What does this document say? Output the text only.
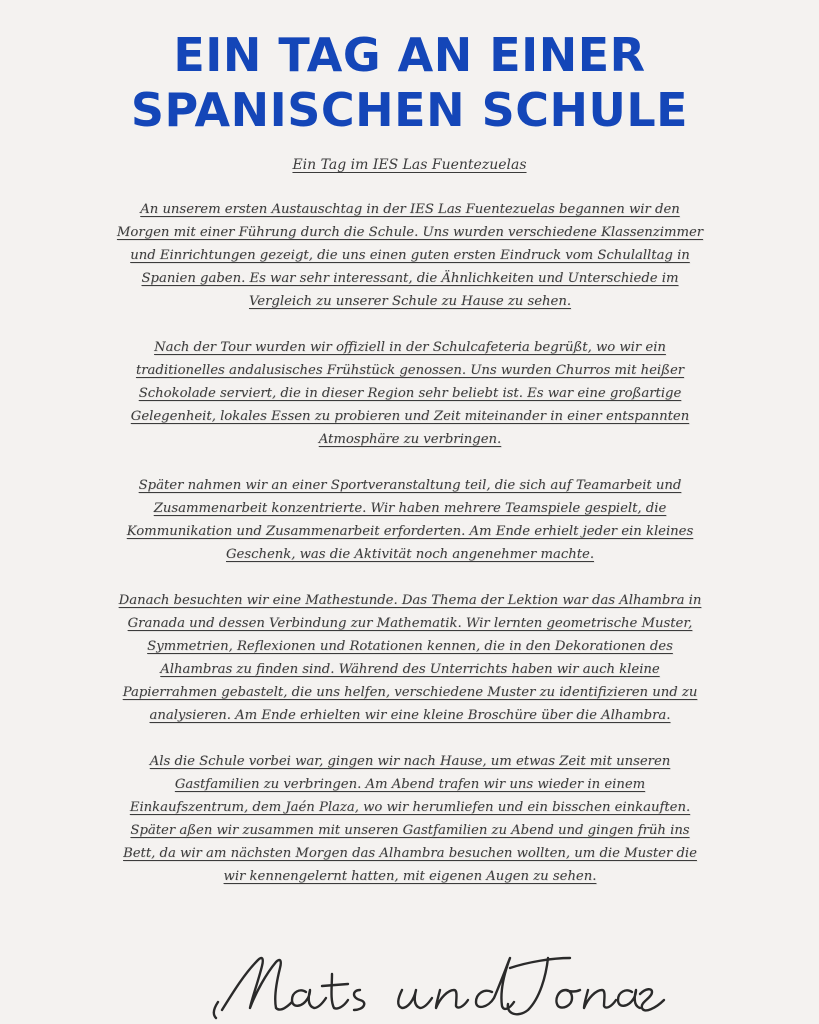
EIN TAG AN EINER
SPANISCHEN SCHULE

Ein Tag im IES Las Fuentezuelas

An unserem ersten Austauschtag in der IES Las Fuentezuelas begannen wir den Morgen mit einer Führung durch die Schule. Uns wurden verschiedene Klassenzimmer und Einrichtungen gezeigt, die uns einen guten ersten Eindruck vom Schulalltag in Spanien gaben. Es war sehr interessant, die Ähnlichkeiten und Unterschiede im Vergleich zu unserer Schule zu Hause zu sehen.

Nach der Tour wurden wir offiziell in der Schulcafeteria begrüßt, wo wir ein traditionelles andalusisches Frühstück genossen. Uns wurden Churros mit heißer Schokolade serviert, die in dieser Region sehr beliebt ist. Es war eine großartige Gelegenheit, lokales Essen zu probieren und Zeit miteinander in einer entspannten Atmosphäre zu verbringen.

Später nahmen wir an einer Sportveranstaltung teil, die sich auf Teamarbeit und Zusammenarbeit konzentrierte. Wir haben mehrere Teamspiele gespielt, die Kommunikation und Zusammenarbeit erforderten. Am Ende erhielt jeder ein kleines Geschenk, was die Aktivität noch angenehmer machte.

Danach besuchten wir eine Mathestunde. Das Thema der Lektion war das Alhambra in Granada und dessen Verbindung zur Mathematik. Wir lernten geometrische Muster, Symmetrien, Reflexionen und Rotationen kennen, die in den Dekorationen des Alhambras zu finden sind. Während des Unterrichts haben wir auch kleine Papierrahmen gebastelt, die uns helfen, verschiedene Muster zu identifizieren und zu analysieren. Am Ende erhielten wir eine kleine Broschüre über die Alhambra.

Als die Schule vorbei war, gingen wir nach Hause, um etwas Zeit mit unseren Gastfamilien zu verbringen. Am Abend trafen wir uns wieder in einem Einkaufszentrum, dem Jaén Plaza, wo wir herumliefen und ein bisschen einkauften. Später aßen wir zusammen mit unseren Gastfamilien zu Abend und gingen früh ins Bett, da wir am nächsten Morgen das Alhambra besuchen wollten, um die Muster die wir kennengelernt hatten, mit eigenen Augen zu sehen.
